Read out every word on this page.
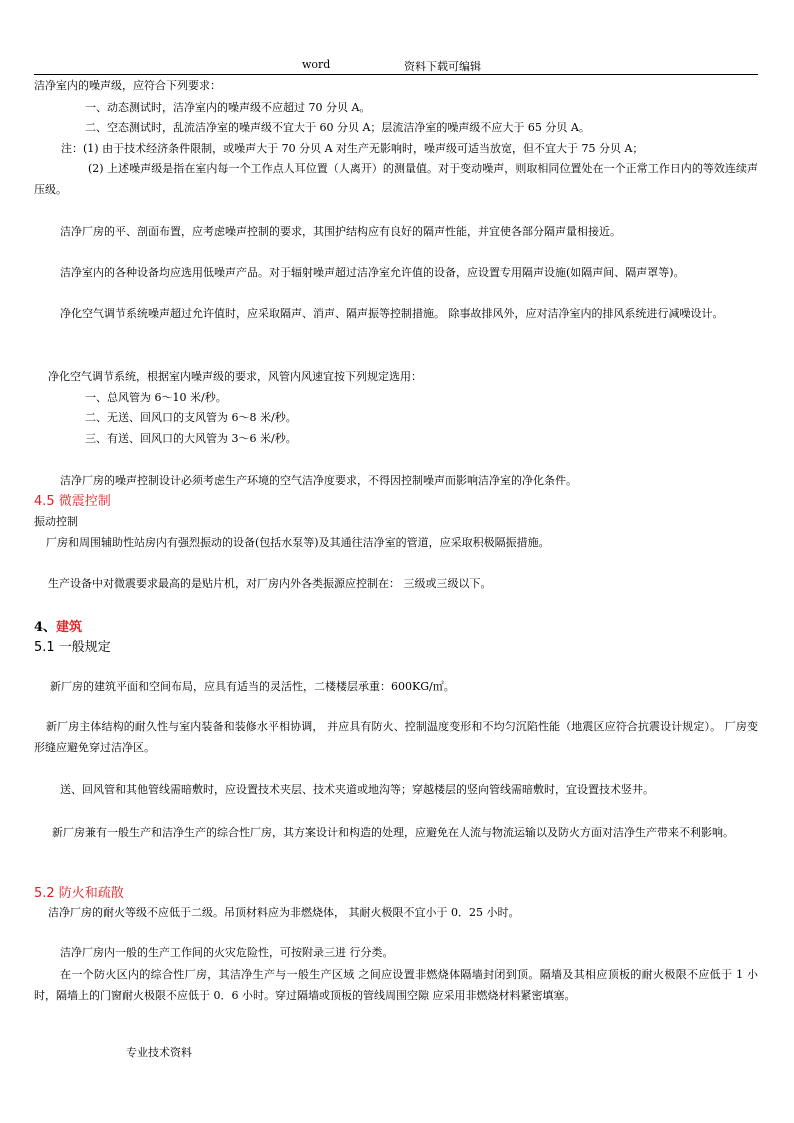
word	资料下载可编辑
洁净室内的噪声级，应符合下列要求：
一、动态测试时，洁净室内的噪声级不应超过 70 分贝 A。
二、空态测试时，乱流洁净室的噪声级不宜大于 60 分贝 A；层流洁净室的噪声级不应大于 65 分贝 A。
注：(1) 由于技术经济条件限制，或噪声大于 70 分贝 A 对生产无影响时，噪声级可适当放宽，但不宜大于 75 分贝 A；
(2) 上述噪声级是指在室内每一个工作点人耳位置（人离开）的测量值。对于变动噪声，则取相同位置处在一个正常工作日内的等效连续声压级。
洁净厂房的平、剖面布置，应考虑噪声控制的要求，其围护结构应有良好的隔声性能，并宜使各部分隔声量相接近。
洁净室内的各种设备均应选用低噪声产品。对于辐射噪声超过洁净室允许值的设备，应设置专用隔声设施(如隔声间、隔声罩等)。
净化空气调节系统噪声超过允许值时，应采取隔声、消声、隔声振等控制措施。 除事故排风外，应对洁净室内的排风系统进行减噪设计。
净化空气调节系统，根据室内噪声级的要求，风管内风速宜按下列规定选用：
一、总风管为 6～10 米/秒。
二、无送、回风口的支风管为 6～8 米/秒。
三、有送、回风口的大风管为 3～6 米/秒。
洁净厂房的噪声控制设计必须考虑生产环境的空气洁净度要求，不得因控制噪声而影响洁净室的净化条件。
4.5 微震控制
振动控制
厂房和周围辅助性站房内有强烈振动的设备(包括水泵等)及其通往洁净室的管道，应采取积极隔振措施。
生产设备中对微震要求最高的是贴片机，对厂房内外各类振源应控制在： 三级或三级以下。
4、建筑
5.1 一般规定
新厂房的建筑平面和空间布局，应具有适当的灵活性，二楼楼层承重：600KG/㎡。
新厂房主体结构的耐久性与室内装备和装修水平相协调， 并应具有防火、控制温度变形和不均匀沉陷性能（地震区应符合抗震设计规定）。 厂房变形缝应避免穿过洁净区。
送、回风管和其他管线需暗敷时，应设置技术夹层、技术夹道或地沟等；穿越楼层的竖向管线需暗敷时，宜设置技术竖井。
新厂房兼有一般生产和洁净生产的综合性厂房，其方案设计和构造的处理，应避免在人流与物流运输以及防火方面对洁净生产带来不利影响。
5.2 防火和疏散
洁净厂房的耐火等级不应低于二级。吊顶材料应为非燃烧体， 其耐火极限不宜小于 0．25 小时。
洁净厂房内一般的生产工作间的火灾危险性，可按附录三进 行分类。
在一个防火区内的综合性厂房，其洁净生产与一般生产区域 之间应设置非燃烧体隔墙封闭到顶。隔墙及其相应顶板的耐火极限不应低于 1 小 时，隔墙上的门窗耐火极限不应低于 0．6 小时。穿过隔墙或顶板的管线周围空隙 应采用非燃烧材料紧密填塞。
专业技术资料
